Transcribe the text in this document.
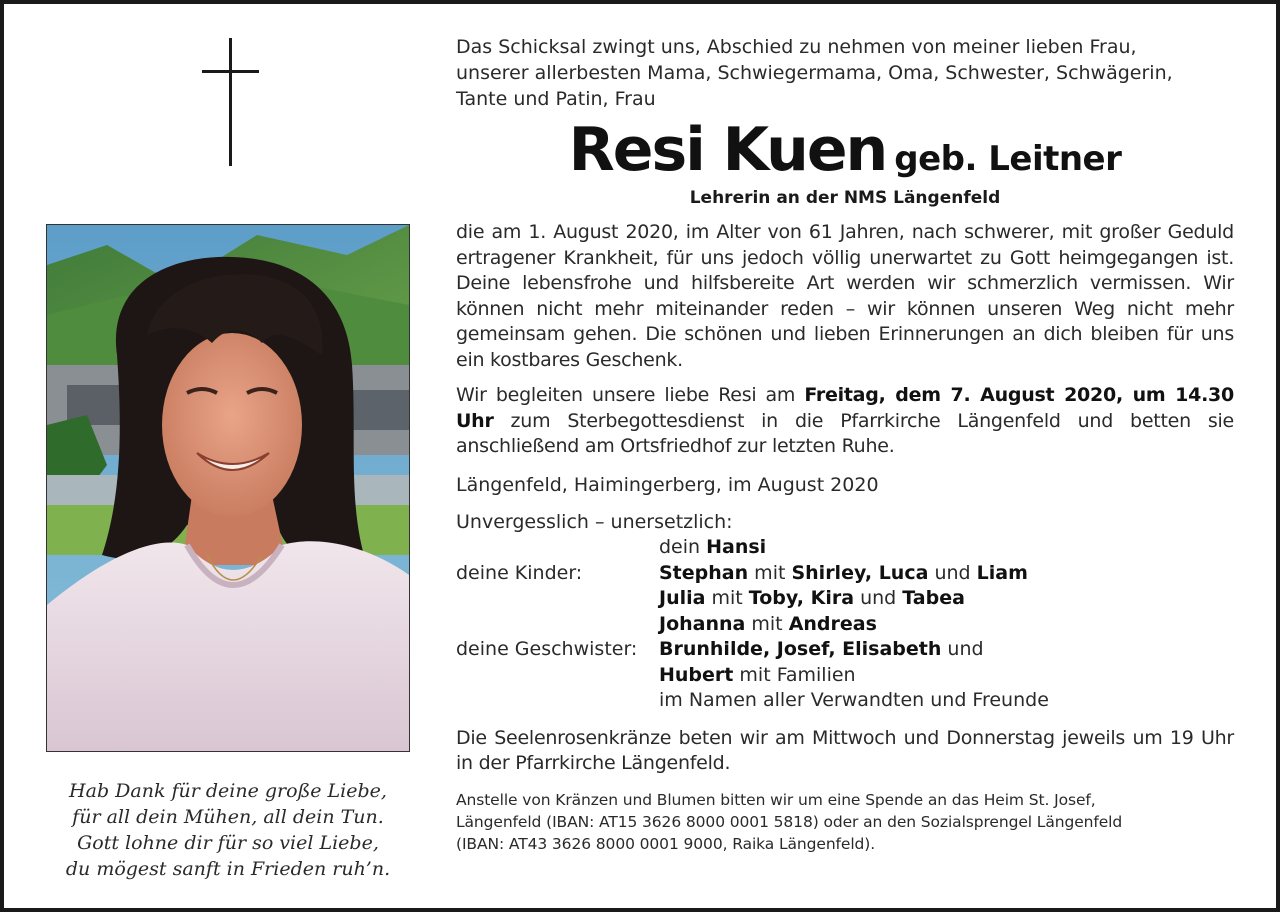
Hab Dank für deine große Liebe,
für all dein Mühen, all dein Tun.
Gott lohne dir für so viel Liebe,
du mögest sanft in Frieden ruh’n.
Das Schicksal zwingt uns, Abschied zu nehmen von meiner lieben Frau,
unserer allerbesten Mama, Schwiegermama, Oma, Schwester, Schwägerin,
Tante und Patin, Frau
Resi Kuen geb. Leitner
Lehrerin an der NMS Längenfeld
die am 1. August 2020, im Alter von 61 Jahren, nach schwerer, mit großer Geduld ertragener Krankheit, für uns jedoch völlig unerwartet zu Gott heimgegangen ist. Deine lebensfrohe und hilfsbereite Art werden wir schmerzlich vermissen. Wir können nicht mehr miteinander reden – wir können unseren Weg nicht mehr gemeinsam gehen. Die schönen und lieben Erinnerungen an dich bleiben für uns ein kostbares Geschenk.
Wir begleiten unsere liebe Resi am Freitag, dem 7. August 2020, um 14.30 Uhr zum Sterbegottesdienst in die Pfarrkirche Längenfeld und betten sie anschließend am Ortsfriedhof zur letzten Ruhe.
Längenfeld, Haimingerberg, im August 2020
Unvergesslich – unersetzlich:
dein Hansi
deine Kinder:	Stephan mit Shirley, Luca und Liam
Julia mit Toby, Kira und Tabea
Johanna mit Andreas
deine Geschwister:	Brunhilde, Josef, Elisabeth und
Hubert mit Familien
im Namen aller Verwandten und Freunde
Die Seelenrosenkränze beten wir am Mittwoch und Donnerstag jeweils um 19 Uhr in der Pfarrkirche Längenfeld.
Anstelle von Kränzen und Blumen bitten wir um eine Spende an das Heim St. Josef,
Längenfeld (IBAN: AT15 3626 8000 0001 5818) oder an den Sozialsprengel Längenfeld
(IBAN: AT43 3626 8000 0001 9000, Raika Längenfeld).
